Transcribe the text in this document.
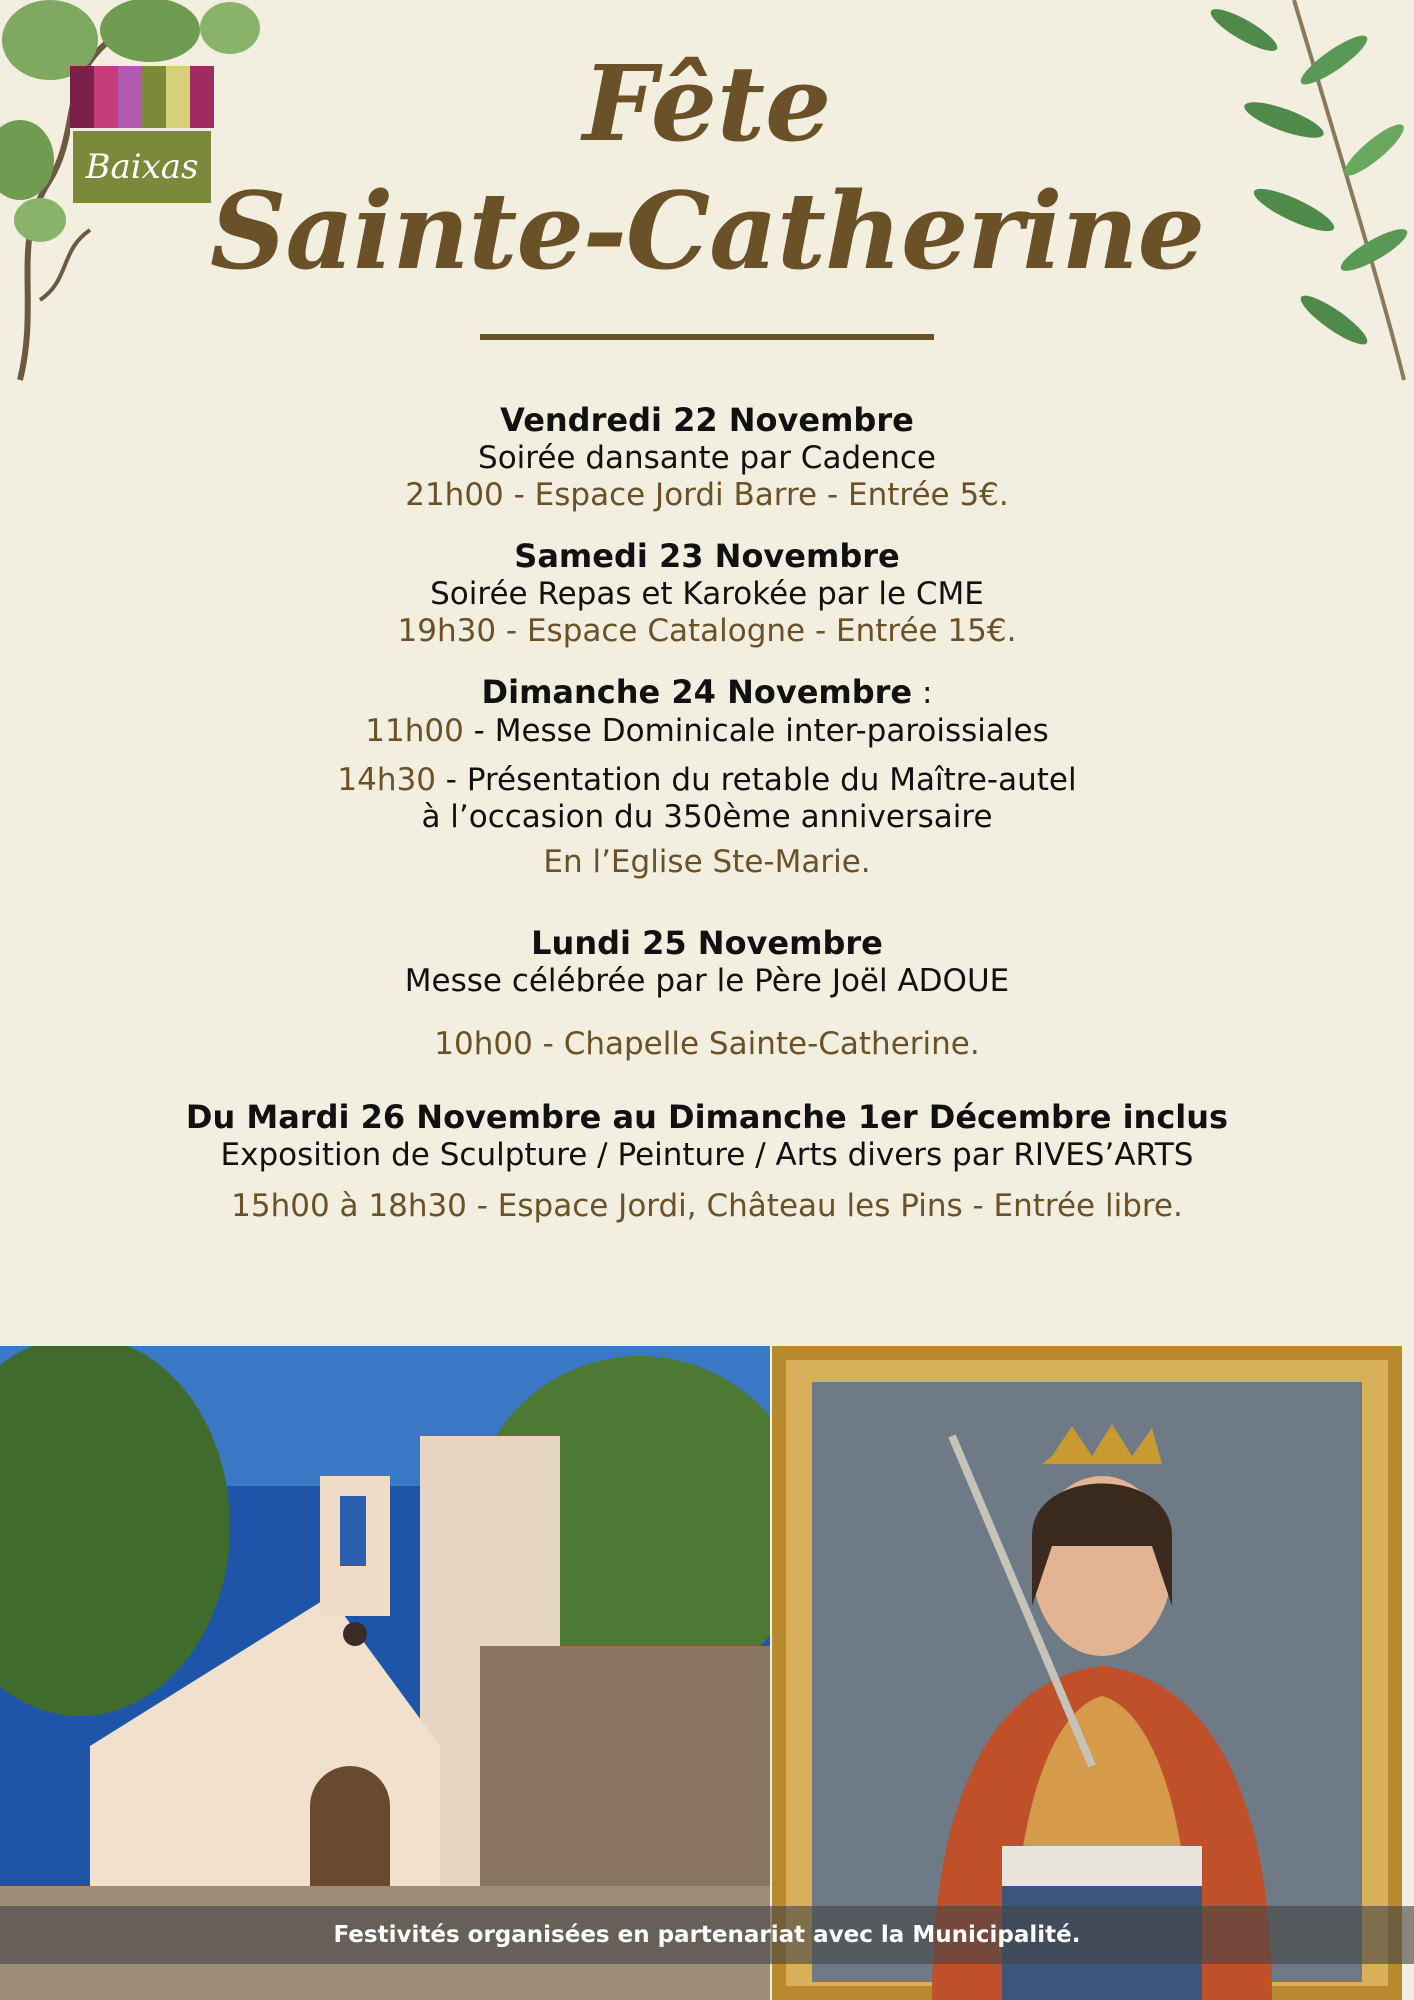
Baixas
Fête
Sainte-Catherine
Vendredi 22 Novembre
Soirée dansante par Cadence
21h00 - Espace Jordi Barre - Entrée 5€.
Samedi 23 Novembre
Soirée Repas et Karokée par le CME
19h30 - Espace Catalogne - Entrée 15€.
Dimanche 24 Novembre :
11h00 - Messe Dominicale inter-paroissiales
14h30 - Présentation du retable du Maître-autel
à l’occasion du 350ème anniversaire
En l’Eglise Ste-Marie.
Lundi 25 Novembre
Messe célébrée par le Père Joël ADOUE
10h00 - Chapelle Sainte-Catherine.
Du Mardi 26 Novembre au Dimanche 1er Décembre inclus
Exposition de Sculpture / Peinture / Arts divers par RIVES’ARTS
15h00 à 18h30 - Espace Jordi, Château les Pins - Entrée libre.
Festivités organisées en partenariat avec la Municipalité.
